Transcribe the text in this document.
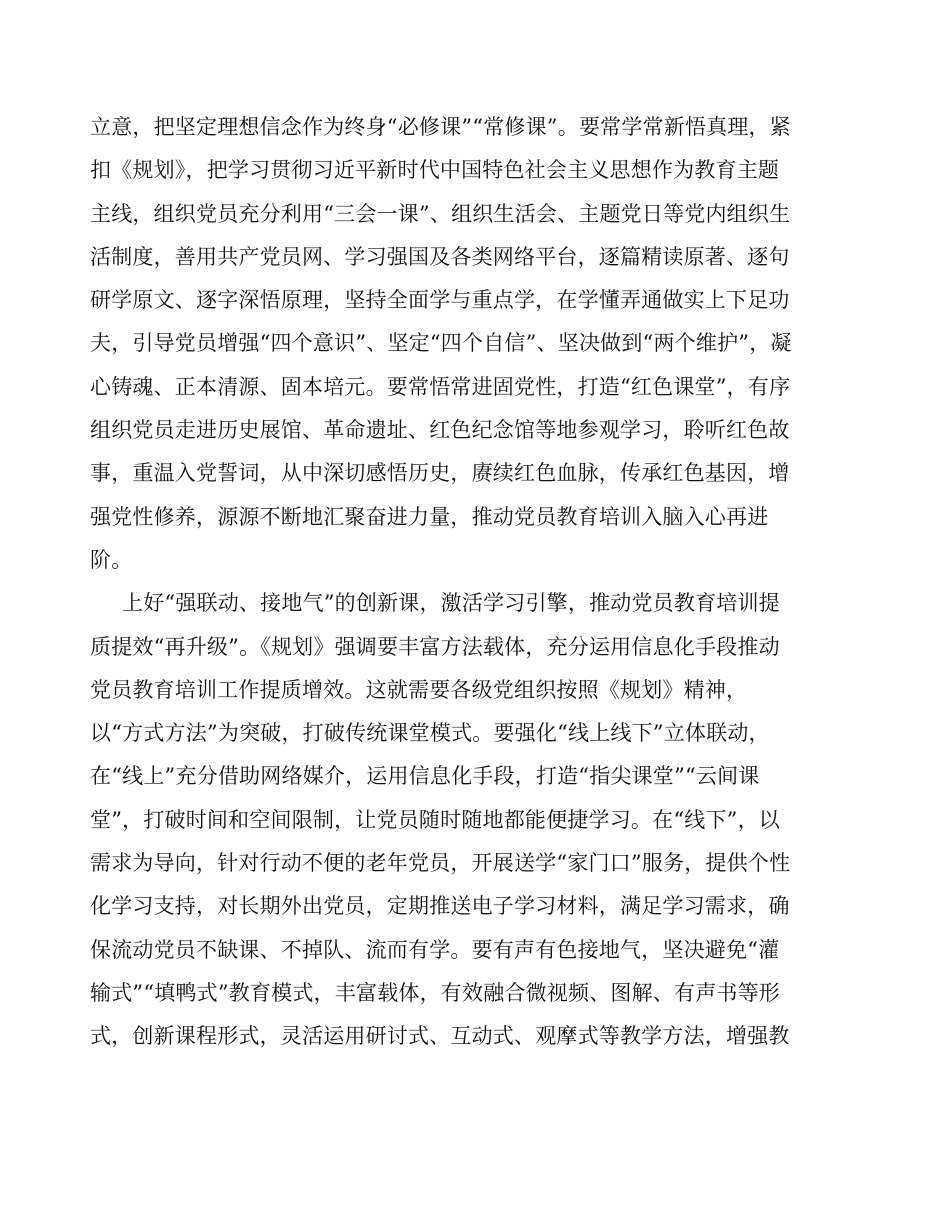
立意，把坚定理想信念作为终身“必修课”“常修课”。要常学常新悟真理，紧
扣《规划》，把学习贯彻习近平新时代中国特色社会主义思想作为教育主题
主线，组织党员充分利用“三会一课”、组织生活会、主题党日等党内组织生
活制度，善用共产党员网、学习强国及各类网络平台，逐篇精读原著、逐句
研学原文、逐字深悟原理，坚持全面学与重点学，在学懂弄通做实上下足功
夫，引导党员增强“四个意识”、坚定“四个自信”、坚决做到“两个维护”，凝
心铸魂、正本清源、固本培元。要常悟常进固党性，打造“红色课堂”，有序
组织党员走进历史展馆、革命遗址、红色纪念馆等地参观学习，聆听红色故
事，重温入党誓词，从中深切感悟历史，赓续红色血脉，传承红色基因，增
强党性修养，源源不断地汇聚奋进力量，推动党员教育培训入脑入心再进
阶。
上好“强联动、接地气”的创新课，激活学习引擎，推动党员教育培训提
质提效“再升级”。《规划》强调要丰富方法载体，充分运用信息化手段推动
党员教育培训工作提质增效。这就需要各级党组织按照《规划》精神，
以“方式方法”为突破，打破传统课堂模式。要强化“线上线下”立体联动，
在“线上”充分借助网络媒介，运用信息化手段，打造“指尖课堂”“云间课
堂”，打破时间和空间限制，让党员随时随地都能便捷学习。在“线下”，以
需求为导向，针对行动不便的老年党员，开展送学“家门口”服务，提供个性
化学习支持，对长期外出党员，定期推送电子学习材料，满足学习需求，确
保流动党员不缺课、不掉队、流而有学。要有声有色接地气，坚决避免“灌
输式”“填鸭式”教育模式，丰富载体，有效融合微视频、图解、有声书等形
式，创新课程形式，灵活运用研讨式、互动式、观摩式等教学方法，增强教
